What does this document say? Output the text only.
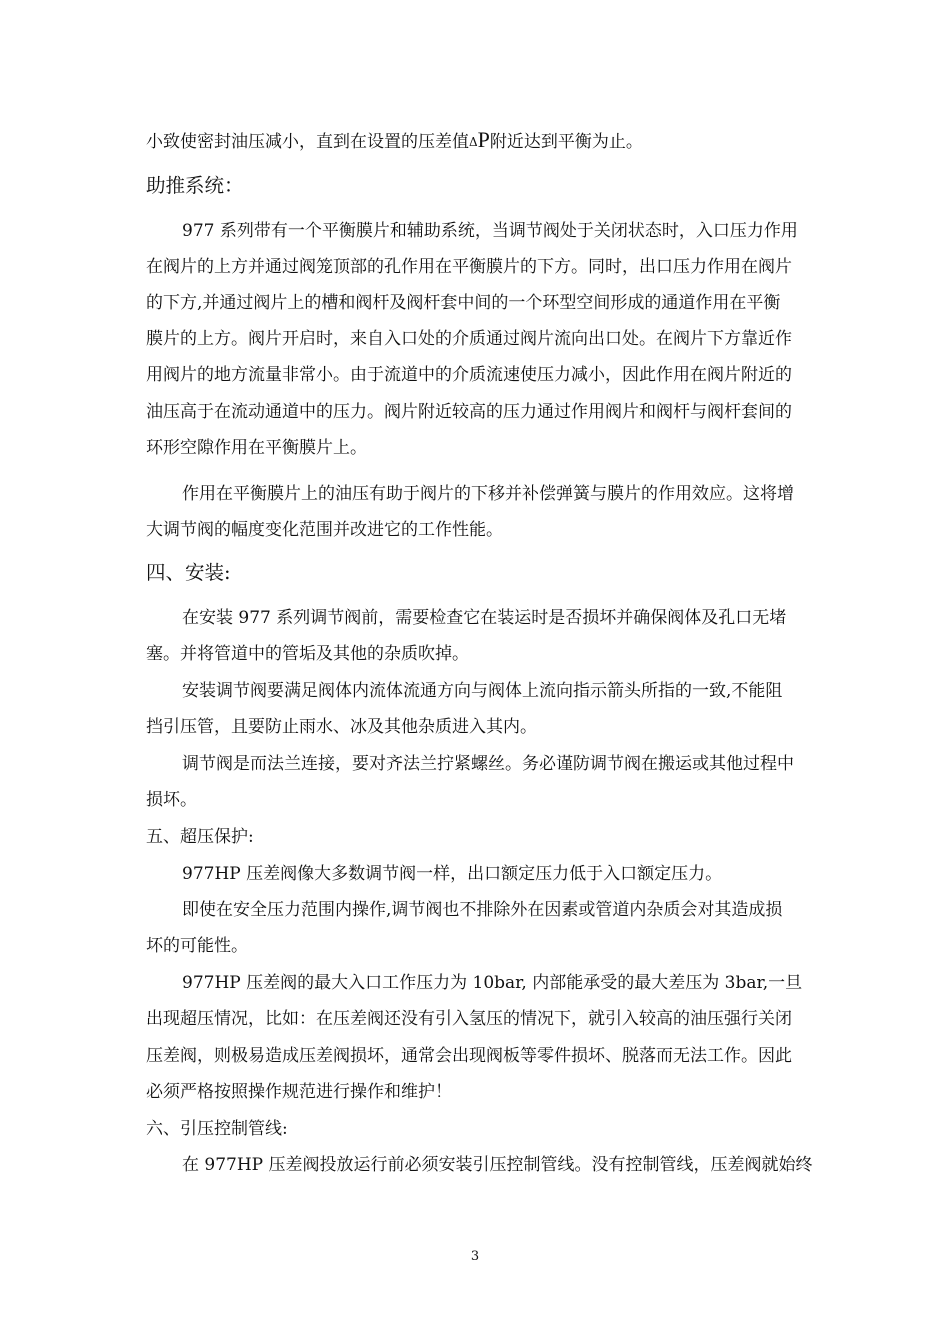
小致使密封油压减小，直到在设置的压差值ΔP附近达到平衡为止。
助推系统：
977 系列带有一个平衡膜片和辅助系统，当调节阀处于关闭状态时，入口压力作用
在阀片的上方并通过阀笼顶部的孔作用在平衡膜片的下方。同时，出口压力作用在阀片
的下方,并通过阀片上的槽和阀杆及阀杆套中间的一个环型空间形成的通道作用在平衡
膜片的上方。阀片开启时，来自入口处的介质通过阀片流向出口处。在阀片下方靠近作
用阀片的地方流量非常小。由于流道中的介质流速使压力减小，因此作用在阀片附近的
油压高于在流动通道中的压力。阀片附近较高的压力通过作用阀片和阀杆与阀杆套间的
环形空隙作用在平衡膜片上。
作用在平衡膜片上的油压有助于阀片的下移并补偿弹簧与膜片的作用效应。这将增
大调节阀的幅度变化范围并改进它的工作性能。
四、安装:
在安装 977 系列调节阀前，需要检查它在装运时是否损坏并确保阀体及孔口无堵
塞。并将管道中的管垢及其他的杂质吹掉。
安装调节阀要满足阀体内流体流通方向与阀体上流向指示箭头所指的一致,不能阻
挡引压管，且要防止雨水、冰及其他杂质进入其内。
调节阀是而法兰连接，要对齐法兰拧紧螺丝。务必谨防调节阀在搬运或其他过程中
损坏。
五、超压保护:
977HP 压差阀像大多数调节阀一样，出口额定压力低于入口额定压力。
即使在安全压力范围内操作,调节阀也不排除外在因素或管道内杂质会对其造成损
坏的可能性。
977HP 压差阀的最大入口工作压力为 10bar, 内部能承受的最大差压为 3bar,一旦
出现超压情况，比如：在压差阀还没有引入氢压的情况下，就引入较高的油压强行关闭
压差阀，则极易造成压差阀损坏，通常会出现阀板等零件损坏、脱落而无法工作。因此
必须严格按照操作规范进行操作和维护！
六、引压控制管线:
在 977HP 压差阀投放运行前必须安装引压控制管线。没有控制管线，压差阀就始终
3
